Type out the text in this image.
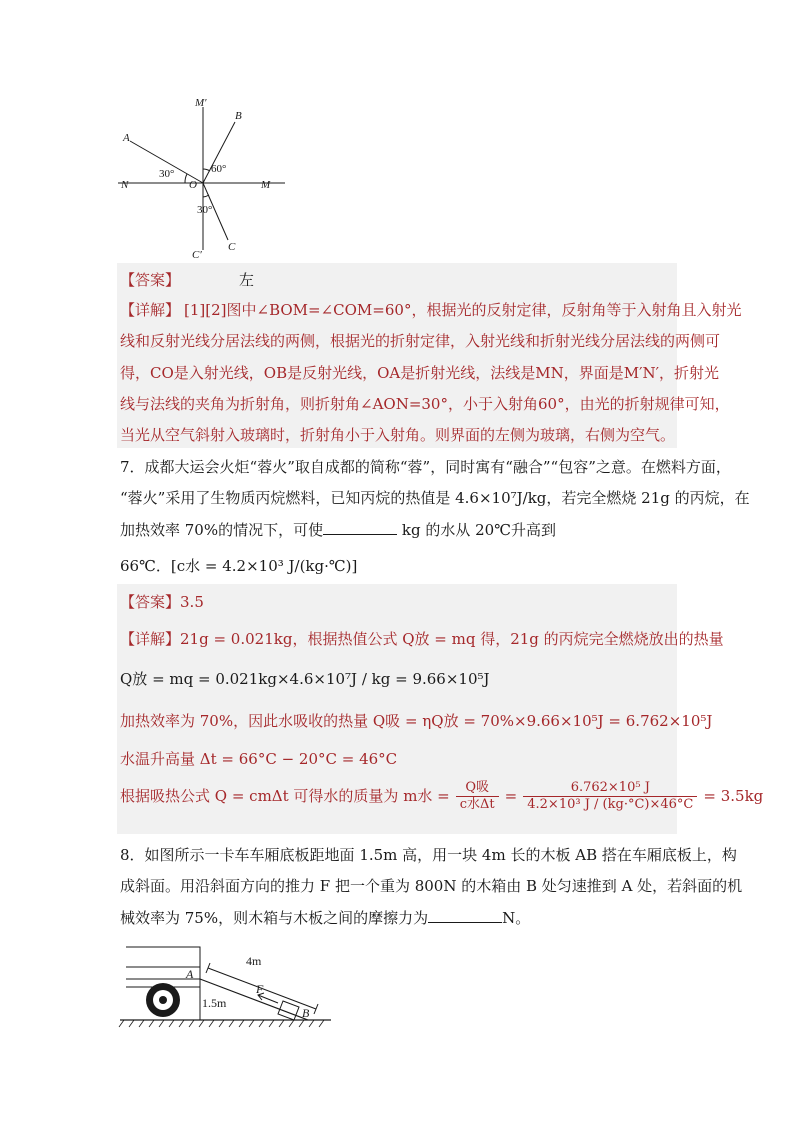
M′
B
A
N	O	M
C
C′
30°	60°
30°
【答案】	左
【详解】 [1][2]图中∠BOM=∠COM=60°，根据光的反射定律，反射角等于入射角且入射光
线和反射光线分居法线的两侧，根据光的折射定律，入射光线和折射光线分居法线的两侧可
得，CO是入射光线，OB是反射光线，OA是折射光线，法线是MN，界面是M′N′，折射光
线与法线的夹角为折射角，则折射角∠AON=30°，小于入射角60°，由光的折射规律可知，
当光从空气斜射入玻璃时，折射角小于入射角。则界面的左侧为玻璃，右侧为空气。
7．成都大运会火炬“蓉火”取自成都的简称“蓉”，同时寓有“融合”“包容”之意。在燃料方面，
“蓉火”采用了生物质丙烷燃料，已知丙烷的热值是 4.6×10⁷J/kg，若完全燃烧 21g 的丙烷，在
加热效率 70%的情况下，可使	kg 的水从 20℃升高到
66℃．[c水 = 4.2×10³ J/(kg·℃)]
【答案】3.5
【详解】21g = 0.021kg，根据热值公式 Q放 = mq 得，21g 的丙烷完全燃烧放出的热量
Q放 = mq = 0.021kg×4.6×10⁷J / kg = 9.66×10⁵J
加热效率为 70%，因此水吸收的热量 Q吸 = ηQ放 = 70%×9.66×10⁵J = 6.762×10⁵J
水温升高量 Δt = 66°C − 20°C = 46°C
根据吸热公式 Q = cmΔt 可得水的质量为 m水 = $\frac{\text{Q吸}}{\text{c水Δt}} = \frac{\text{6.762×10⁵ J}}{\text{4.2×10³ J / (kg·°C)×46°C}} = 3.5kg$
8．如图所示一卡车车厢底板距地面 1.5m 高，用一块 4m 长的木板 AB 搭在车厢底板上，构
成斜面。用沿斜面方向的推力 F 把一个重为 800N 的木箱由 B 处匀速推到 A 处，若斜面的机
械效率为 75%，则木箱与木板之间的摩擦力为	N。
4m
1.5m
F
A
B
